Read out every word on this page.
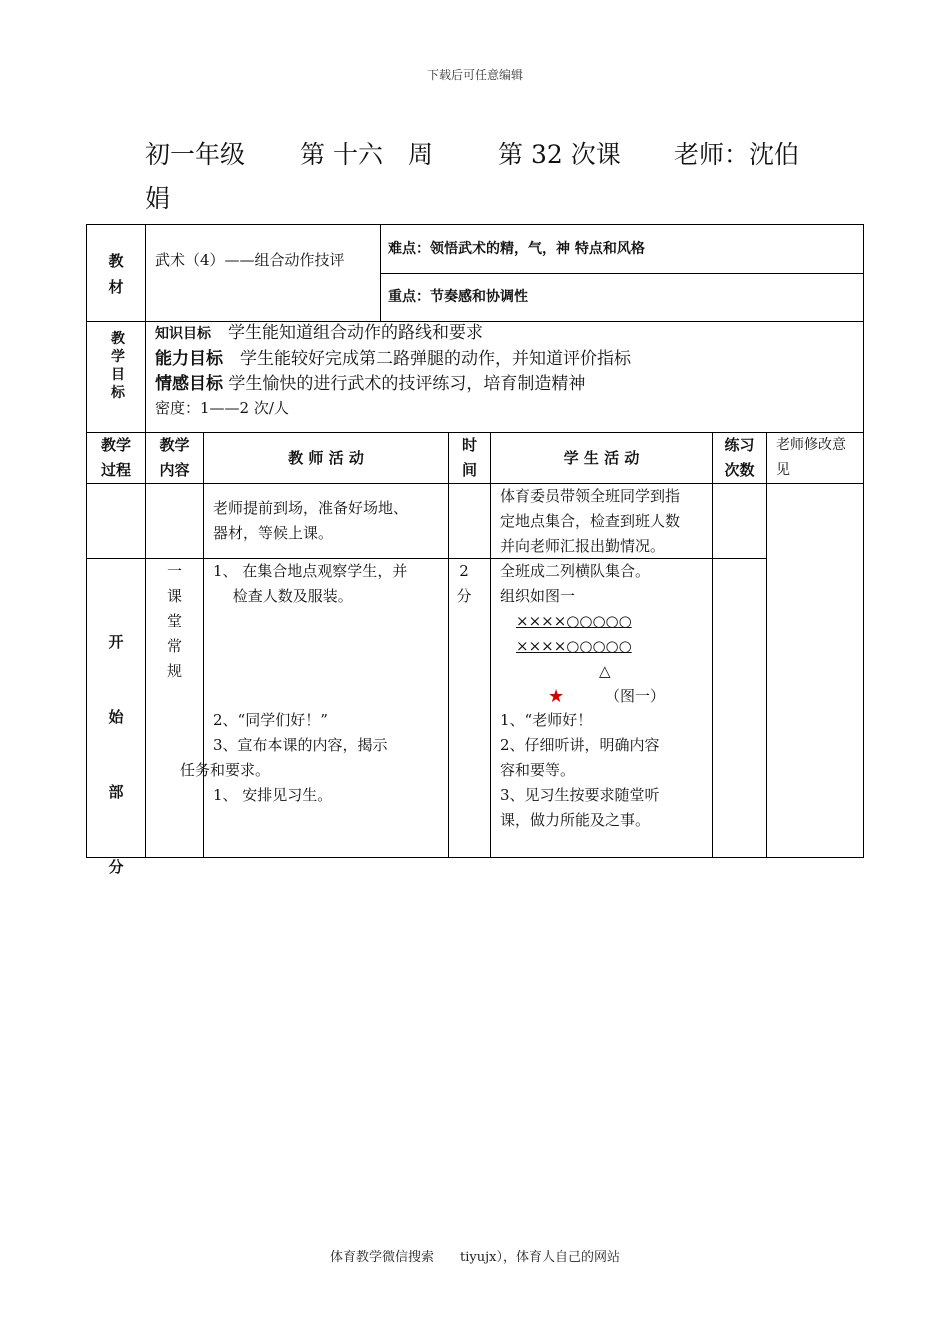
下载后可任意编辑
初一年级 第 十六　周	第 32 次课 老师：沈伯
娟
教
材
武术（4）——组合动作技评
难点：领悟武术的精，气，神 特点和风格
重点：节奏感和协调性
教
学
目
标
知识目标　 学生能知道组合动作的路线和要求
能力目标　 学生能较好完成第二路弹腿的动作，并知道评价指标
情感目标 学生愉快的进行武术的技评练习，培育制造精神
密度：1——2 次/人
教学
过程
教学
内容
教 师 活 动
时
间
学 生 活 动
练习
次数
老师修改意见
老师提前到场，准备好场地、
器材，等候上课。
体育委员带领全班同学到指
定地点集合，检查到班人数
并向老师汇报出勤情况。
开
始
部
分
一
课
堂
常
规
1、 在集合地点观察学生，并
　 检查人数及服装。
2、“同学们好！”
3、宣布本课的内容，揭示
任务和要求。
1、 安排见习生。
2
分
全班成二列横队集合。
组织如图一
××××○○○○○
××××○○○○○
△
★	（图一）
1、“老师好！
2、仔细听讲，明确内容
容和要等。
3、见习生按要求随堂听
课，做力所能及之事。
体育教学微信搜索　　tiyujx），体育人自己的网站
